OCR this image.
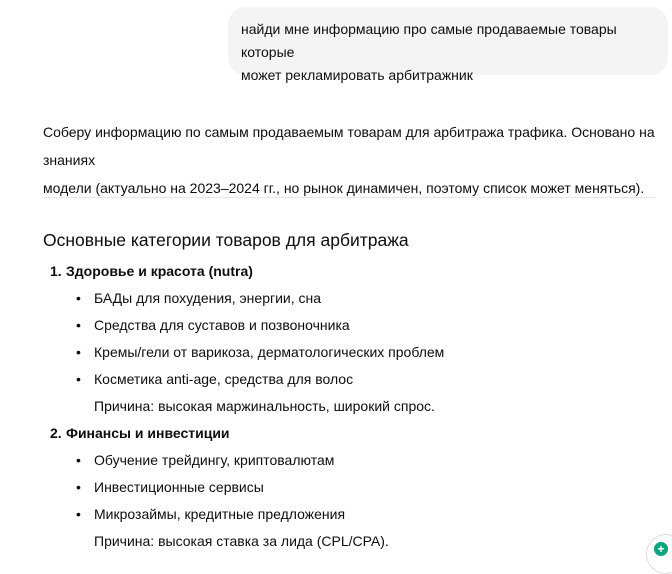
найди мне информацию про самые продаваемые товары которые
может рекламировать арбитражник
Соберу информацию по самым продаваемым товарам для арбитража трафика. Основано на знаниях
модели (актуально на 2023–2024 гг., но рынок динамичен, поэтому список может меняться).
Основные категории товаров для арбитража
1. Здоровье и красота (nutra)
• БАДы для похудения, энергии, сна
• Средства для суставов и позвоночника
• Кремы/гели от варикоза, дерматологических проблем
• Косметика anti-age, средства для волос
Причина: высокая маржинальность, широкий спрос.
2. Финансы и инвестиции
• Обучение трейдингу, криптовалютам
• Инвестиционные сервисы
• Микрозаймы, кредитные предложения
Причина: высокая ставка за лида (CPL/CPA).	+
